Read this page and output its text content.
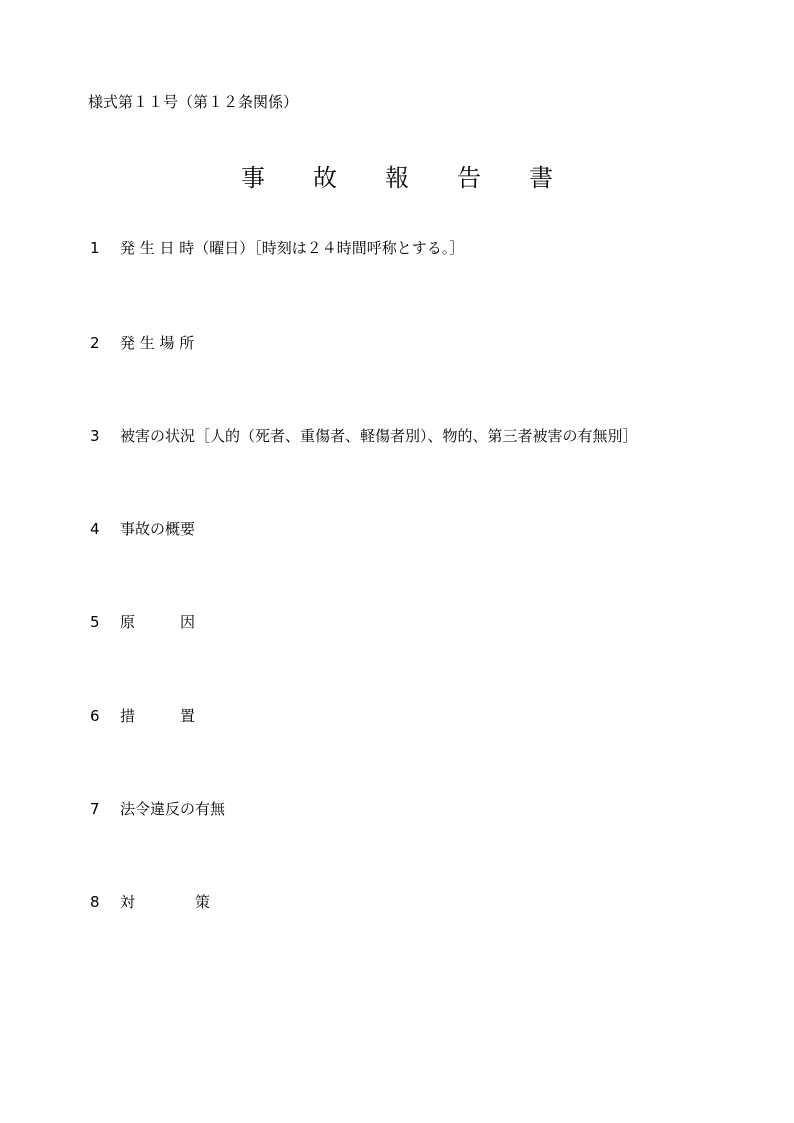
様式第１１号（第１２条関係）
事　　故　　報　　告　　書
1 発 生 日 時（曜日）［時刻は２４時間呼称とする。］
2 発 生 場 所
3 被害の状況［人的（死者、重傷者、軽傷者別）、物的、第三者被害の有無別］
4 事故の概要
5 原　　　因
6 措　　　置
7 法令違反の有無
8 対　　　　策
